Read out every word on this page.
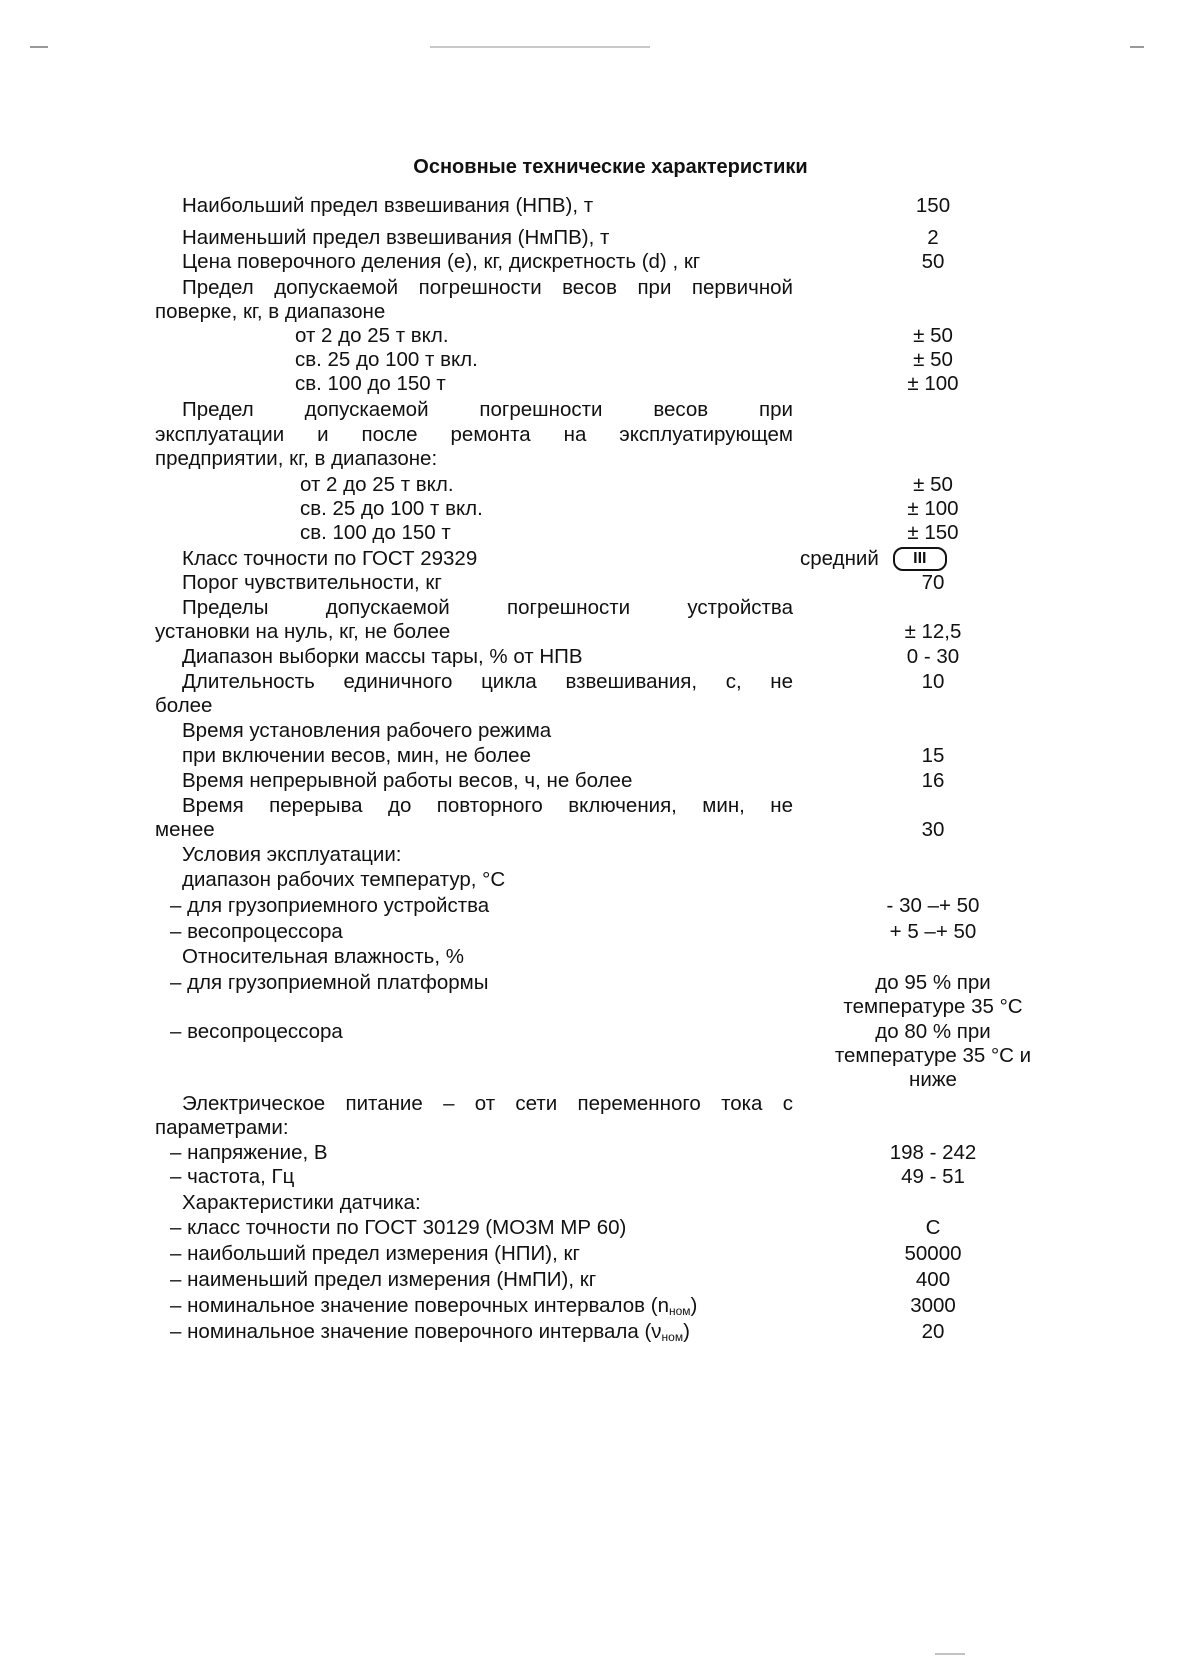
Основные технические характеристики
Наибольший предел взвешивания (НПВ), т	150
Наименьший предел взвешивания (НмПВ), т	2
Цена поверочного деления (е), кг, дискретность (d) , кг	50
Предел допускаемой погрешности весов при первичной
поверке, кг, в диапазоне
от 2 до 25 т вкл.	± 50
св. 25 до 100 т вкл.	± 50
св. 100 до 150 т	± 100
Предел допускаемой погрешности весов при
эксплуатации и после ремонта на эксплуатирующем
предприятии, кг, в диапазоне:
от 2 до 25 т вкл.	± 50
св. 25 до 100 т вкл.	± 100
св. 100 до 150 т	± 150
Класс точности по ГОСТ 29329	средний III
Порог чувствительности, кг	70
Пределы допускаемой погрешности устройства
установки на нуль, кг, не более	± 12,5
Диапазон выборки массы тары, % от НПВ	0 - 30
Длительность единичного цикла взвешивания, с, не	10
более
Время установления рабочего режима
при включении весов, мин, не более	15
Время непрерывной работы весов, ч, не более	16
Время перерыва до повторного включения, мин, не
менее	30
Условия эксплуатации:
диапазон рабочих температур, °С
– для грузоприемного устройства	- 30 –+ 50
– весопроцессора	+ 5 –+ 50
Относительная влажность, %
– для грузоприемной платформы	до 95 % при
температуре 35 °С
– весопроцессора	до 80 % при
температуре 35 °С и
ниже
Электрическое питание – от сети переменного тока с
параметрами:
– напряжение, В	198 - 242
– частота, Гц	49 - 51
Характеристики датчика:
– класс точности по ГОСТ 30129 (МОЗМ МР 60)	С
– наибольший предел измерения (НПИ), кг	50000
– наименьший предел измерения (НмПИ), кг	400
– номинальное значение поверочных интервалов $(n_{ном})$	3000
– номинальное значение поверочного интервала $(\nu_{ном})$	20
